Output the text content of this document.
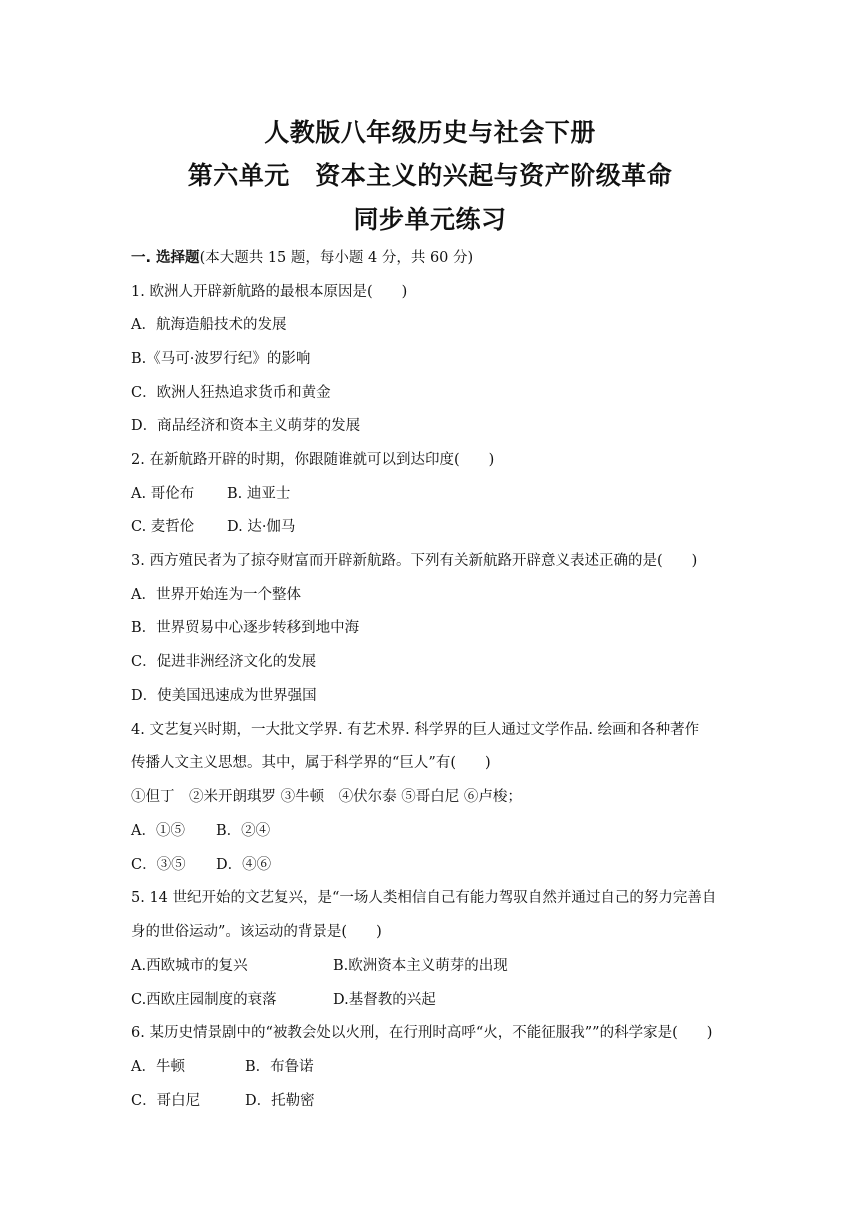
人教版八年级历史与社会下册
第六单元　资本主义的兴起与资产阶级革命
同步单元练习
一. 选择题(本大题共 15 题，每小题 4 分，共 60 分)
1. 欧洲人开辟新航路的最根本原因是(　　)
A．航海造船技术的发展
B.《马可·波罗行纪》的影响
C．欧洲人狂热追求货币和黄金
D．商品经济和资本主义萌芽的发展
2. 在新航路开辟的时期，你跟随谁就可以到达印度(　　)
A. 哥伦布 B. 迪亚士
C. 麦哲伦 D. 达·伽马
3. 西方殖民者为了掠夺财富而开辟新航路。下列有关新航路开辟意义表述正确的是(　　)
A．世界开始连为一个整体
B．世界贸易中心逐步转移到地中海
C．促进非洲经济文化的发展
D．使美国迅速成为世界强国
4. 文艺复兴时期，一大批文学界. 有艺术界. 科学界的巨人通过文学作品. 绘画和各种著作
传播人文主义思想。其中，属于科学界的“巨人”有(　　)
①但丁　②米开朗琪罗 ③牛顿　④伏尔泰 ⑤哥白尼 ⑥卢梭；
A．①⑤ B．②④
C．③⑤ D．④⑥
5. 14 世纪开始的文艺复兴，是“一场人类相信自己有能力驾驭自然并通过自己的努力完善自
身的世俗运动”。该运动的背景是(　　)
A.西欧城市的复兴	B.欧洲资本主义萌芽的出现
C.西欧庄园制度的衰落	D.基督教的兴起
6. 某历史情景剧中的“被教会处以火刑，在行刑时高呼“火，不能征服我””的科学家是(　　)
A．牛顿	B．布鲁诺
C．哥白尼	D．托勒密
